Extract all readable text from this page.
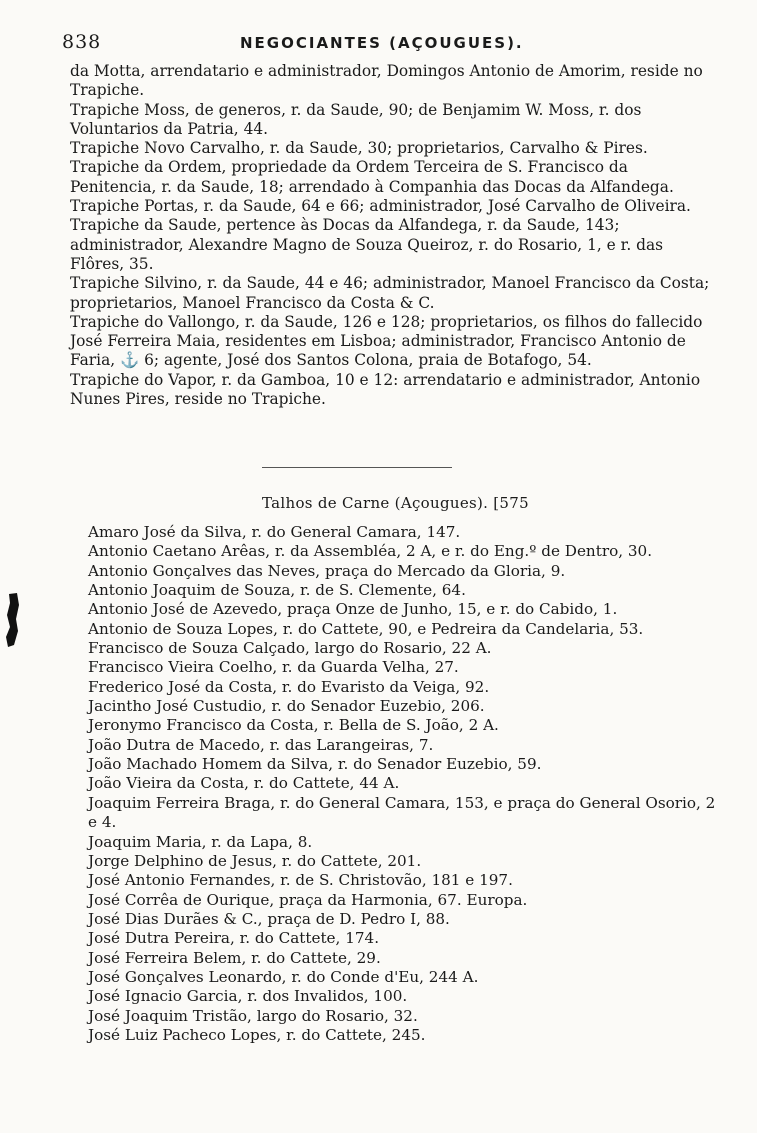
838	NEGOCIANTES (AÇOUGUES).

da Motta, arrendatario e administrador, Domingos Antonio de Amorim, reside no Trapiche.

Trapiche Moss, de generos, r. da Saude, 90; de Benjamim W. Moss, r. dos Voluntarios da Patria, 44.

Trapiche Novo Carvalho, r. da Saude, 30; proprietarios, Carvalho & Pires.

Trapiche da Ordem, propriedade da Ordem Terceira de S. Francisco da Penitencia, r. da Saude, 18; arrendado à Companhia das Docas da Alfandega.

Trapiche Portas, r. da Saude, 64 e 66; administrador, José Carvalho de Oliveira.

Trapiche da Saude, pertence às Docas da Alfandega, r. da Saude, 143; administrador, Alexandre Magno de Souza Queiroz, r. do Rosario, 1, e r. das Flôres, 35.

Trapiche Silvino, r. da Saude, 44 e 46; administrador, Manoel Francisco da Costa; proprietarios, Manoel Francisco da Costa & C.

Trapiche do Vallongo, r. da Saude, 126 e 128; proprietarios, os filhos do fallecido José Ferreira Maia, residentes em Lisboa; administrador, Francisco Antonio de Faria, ⚓ 6; agente, José dos Santos Colona, praia de Botafogo, 54.

Trapiche do Vapor, r. da Gamboa, 10 e 12: arrendatario e administrador, Antonio Nunes Pires, reside no Trapiche.

Talhos de Carne (Açougues). [575

Amaro José da Silva, r. do General Camara, 147.

Antonio Caetano Arêas, r. da Assembléa, 2 A, e r. do Eng.º de Dentro, 30.

Antonio Gonçalves das Neves, praça do Mercado da Gloria, 9.

Antonio Joaquim de Souza, r. de S. Clemente, 64.

Antonio José de Azevedo, praça Onze de Junho, 15, e r. do Cabido, 1.

Antonio de Souza Lopes, r. do Cattete, 90, e Pedreira da Candelaria, 53.

Francisco de Souza Calçado, largo do Rosario, 22 A.

Francisco Vieira Coelho, r. da Guarda Velha, 27.

Frederico José da Costa, r. do Evaristo da Veiga, 92.

Jacintho José Custudio, r. do Senador Euzebio, 206.

Jeronymo Francisco da Costa, r. Bella de S. João, 2 A.

João Dutra de Macedo, r. das Larangeiras, 7.

João Machado Homem da Silva, r. do Senador Euzebio, 59.

João Vieira da Costa, r. do Cattete, 44 A.

Joaquim Ferreira Braga, r. do General Camara, 153, e praça do General Osorio, 2 e 4.

Joaquim Maria, r. da Lapa, 8.

Jorge Delphino de Jesus, r. do Cattete, 201.

José Antonio Fernandes, r. de S. Christovão, 181 e 197.

José Corrêa de Ourique, praça da Harmonia, 67. Europa.

José Dias Durães & C., praça de D. Pedro I, 88.

José Dutra Pereira, r. do Cattete, 174.

José Ferreira Belem, r. do Cattete, 29.

José Gonçalves Leonardo, r. do Conde d'Eu, 244 A.

José Ignacio Garcia, r. dos Invalidos, 100.

José Joaquim Tristão, largo do Rosario, 32.

José Luiz Pacheco Lopes, r. do Cattete, 245.
